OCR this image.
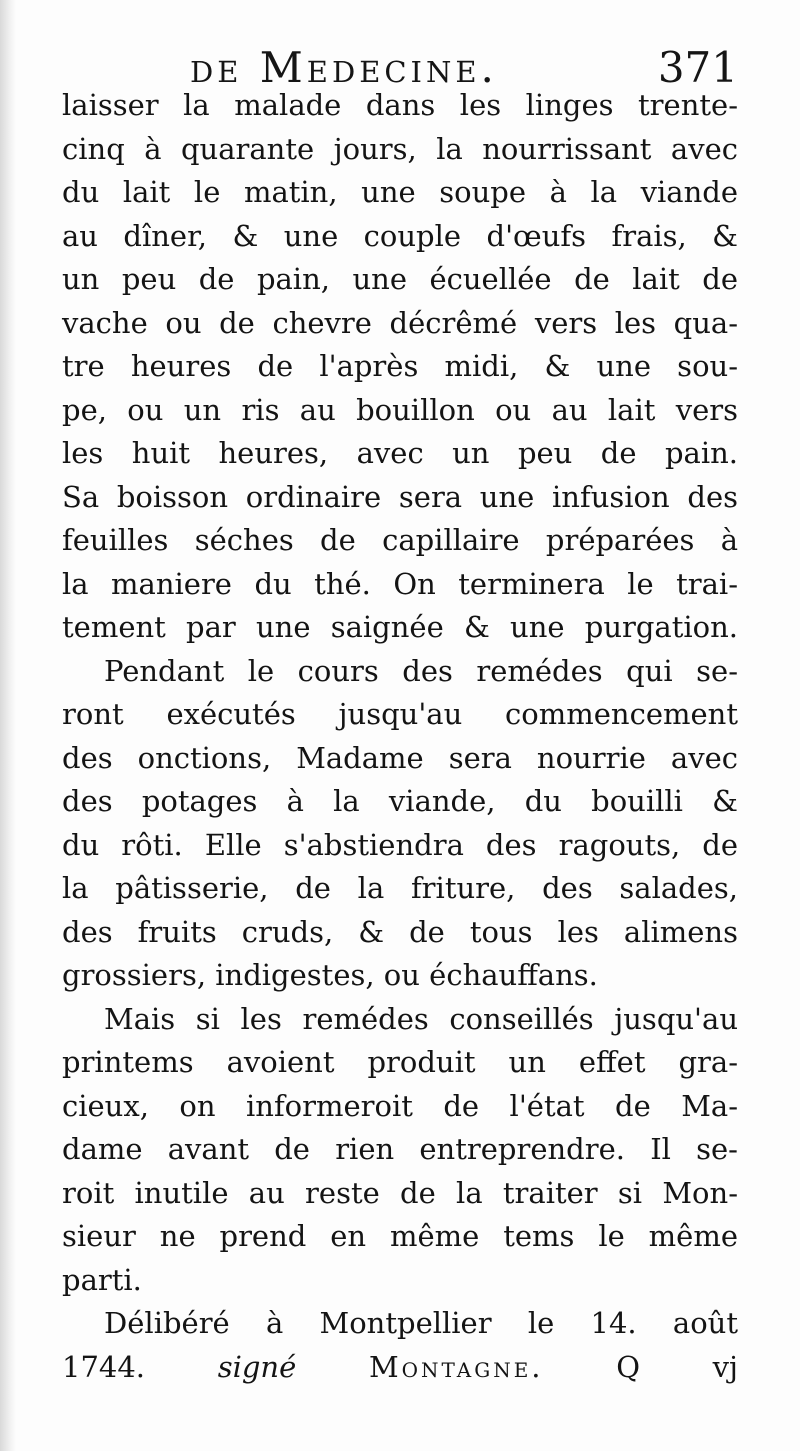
de Medecine.	371
laisser la malade dans les linges trente-
cinq à quarante jours, la nourrissant avec
du lait le matin, une soupe à la viande
au dîner, & une couple d'œufs frais, &
un peu de pain, une écuellée de lait de
vache ou de chevre décrêmé vers les qua-
tre heures de l'après midi, & une sou-
pe, ou un ris au bouillon ou au lait vers
les huit heures, avec un peu de pain.
Sa boisson ordinaire sera une infusion des
feuilles séches de capillaire préparées à
la maniere du thé. On terminera le trai-
tement par une saignée & une purgation.
Pendant le cours des remédes qui se-
ront exécutés jusqu'au commencement
des onctions, Madame sera nourrie avec
des potages à la viande, du bouilli &
du rôti. Elle s'abstiendra des ragouts, de
la pâtisserie, de la friture, des salades,
des fruits cruds, & de tous les alimens
grossiers, indigestes, ou échauffans.
Mais si les remédes conseillés jusqu'au
printems avoient produit un effet gra-
cieux, on informeroit de l'état de Ma-
dame avant de rien entreprendre. Il se-
roit inutile au reste de la traiter si Mon-
sieur ne prend en même tems le même
parti.
Délibéré à Montpellier le 14. août
1744.	signé	Montagne.	Q vj
